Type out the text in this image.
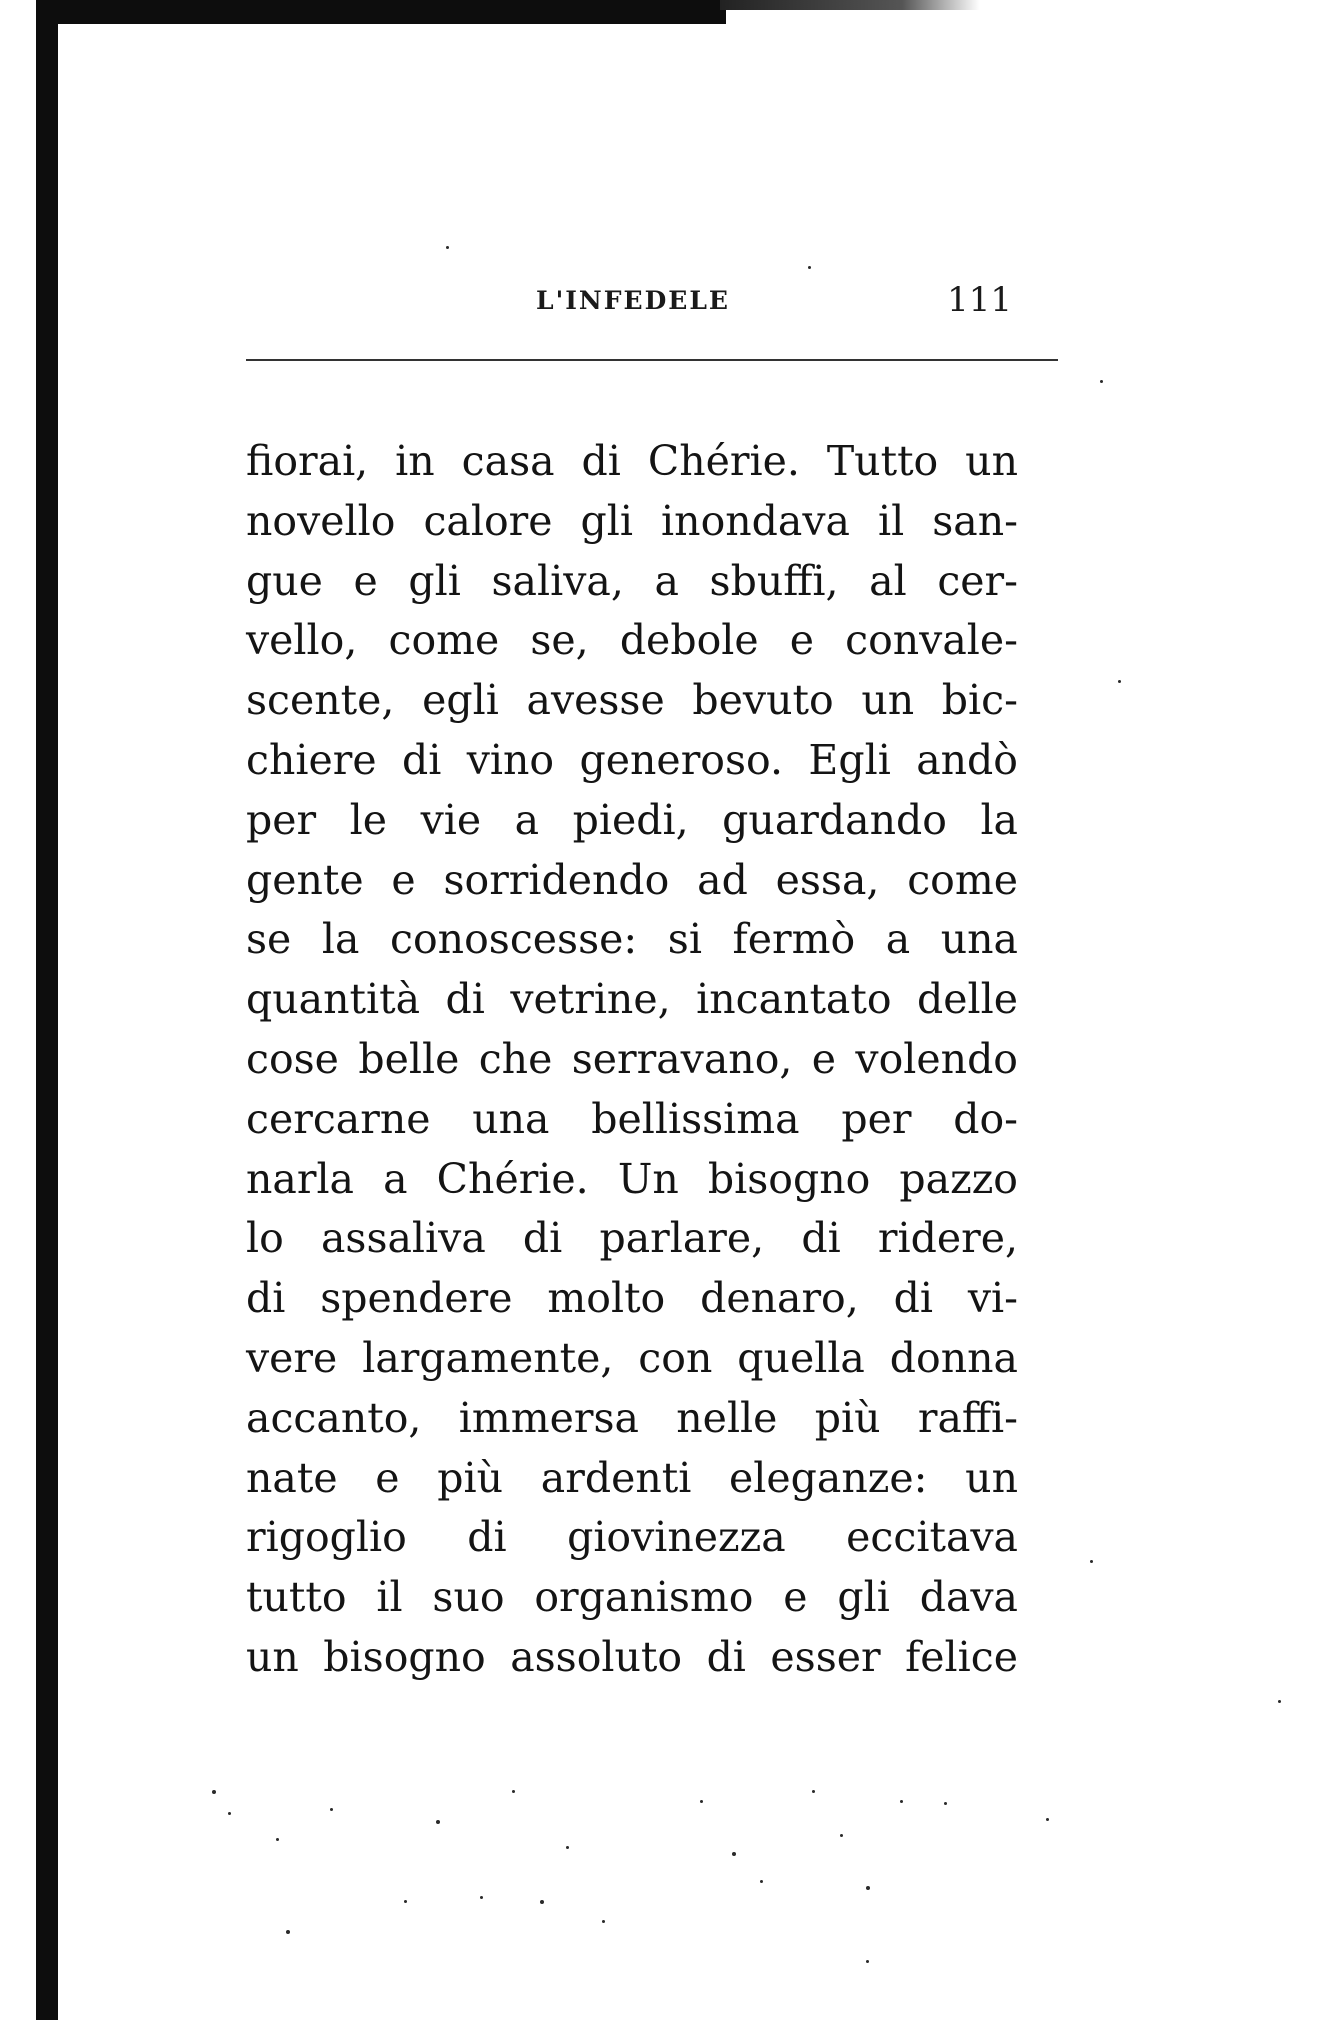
L'INFEDELE	111
fiorai, in casa di Chérie. Tutto un
novello calore gli inondava il san-
gue e gli saliva, a sbuffi, al cer-
vello, come se, debole e convale-
scente, egli avesse bevuto un bic-
chiere di vino generoso. Egli andò
per le vie a piedi, guardando la
gente e sorridendo ad essa, come
se la conoscesse: si fermò a una
quantità di vetrine, incantato delle
cose belle che serravano, e volendo
cercarne una bellissima per do-
narla a Chérie. Un bisogno pazzo
lo assaliva di parlare, di ridere,
di spendere molto denaro, di vi-
vere largamente, con quella donna
accanto, immersa nelle più raffi-
nate e più ardenti eleganze: un
rigoglio di giovinezza eccitava
tutto il suo organismo e gli dava
un bisogno assoluto di esser felice
